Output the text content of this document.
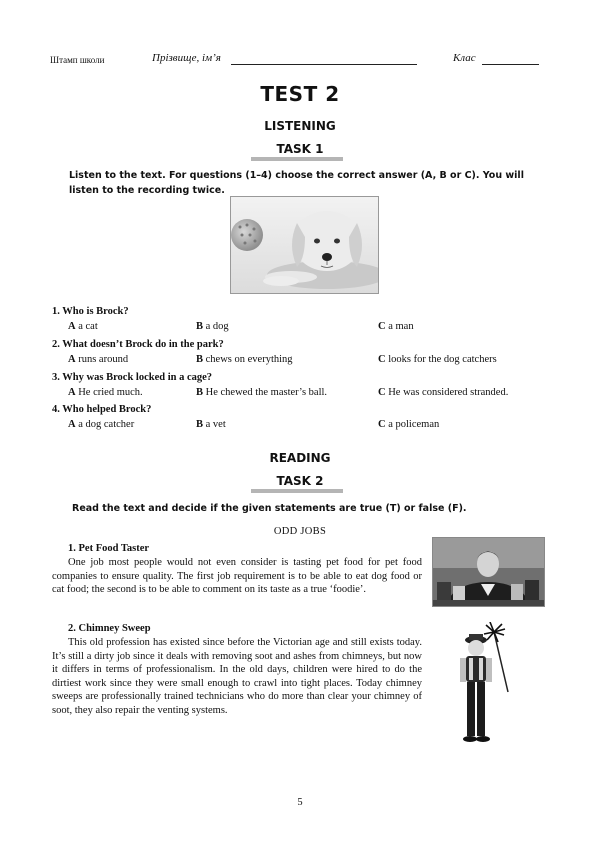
Штамп школи	Прізвище, ім’я	Клас
TEST 2
LISTENING
TASK 1
Listen to the text. For questions (1–4) choose the correct answer (A, B or C). You will listen to the recording twice.
1. Who is Brock?
A a cat	B a dog	C a man
2. What doesn’t Brock do in the park?
A runs around	B chews on everything	C looks for the dog catchers
3. Why was Brock locked in a cage?
A He cried much.	B He chewed the master’s ball.	C He was considered stranded.
4. Who helped Brock?
A a dog catcher	B a vet	C a policeman
READING
TASK 2
Read the text and decide if the given statements are true (T) or false (F).
ODD JOBS
1. Pet Food Taster
One job most people would not even consider is tasting pet food for pet food companies to ensure quality. The first job requirement is to be able to eat dog food or cat food; the second is to be able to comment on its taste as a true ‘foodie’.
2. Chimney Sweep
This old profession has existed since before the Victorian age and still exists today. It’s still a dirty job since it deals with removing soot and ashes from chimneys, but now it differs in terms of professionalism. In the old days, children were hired to do the dirtiest work since they were small enough to crawl into tight places. Today chimney sweeps are professionally trained technicians who do more than clear your chimney of soot, they also repair the venting systems.
5
